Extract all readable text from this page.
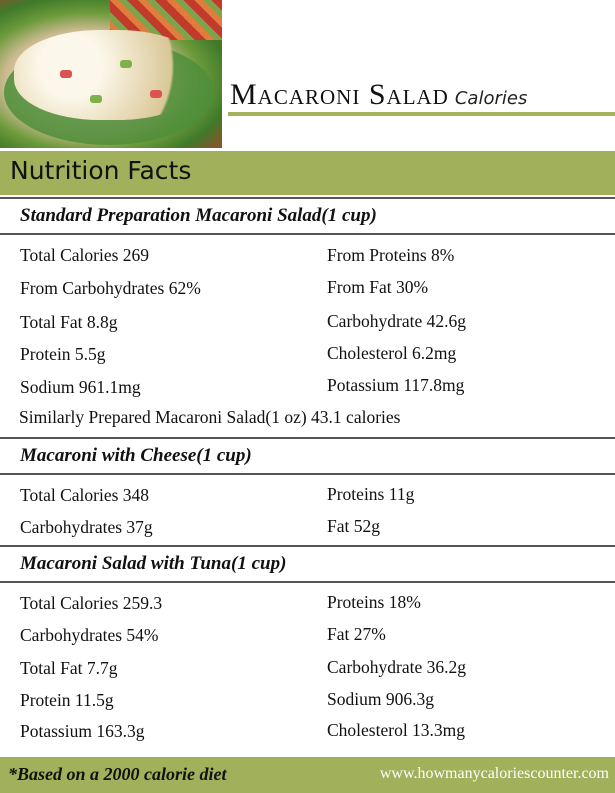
Macaroni Salad Calories
Nutrition Facts
Standard Preparation Macaroni Salad(1 cup)
Total Calories 269	From Proteins 8%
From Carbohydrates 62%	From Fat 30%
Total Fat 8.8g	Carbohydrate 42.6g
Protein 5.5g	Cholesterol 6.2mg
Sodium 961.1mg	Potassium 117.8mg
Similarly Prepared Macaroni Salad(1 oz) 43.1 calories
Macaroni with Cheese(1 cup)
Total Calories 348	Proteins 11g
Carbohydrates 37g	Fat 52g
Macaroni Salad with Tuna(1 cup)
Total Calories 259.3	Proteins 18%
Carbohydrates 54%	Fat 27%
Total Fat 7.7g	Carbohydrate 36.2g
Protein 11.5g	Sodium 906.3g
Potassium 163.3g	Cholesterol 13.3mg
*Based on a 2000 calorie diet	www.howmanycaloriescounter.com
